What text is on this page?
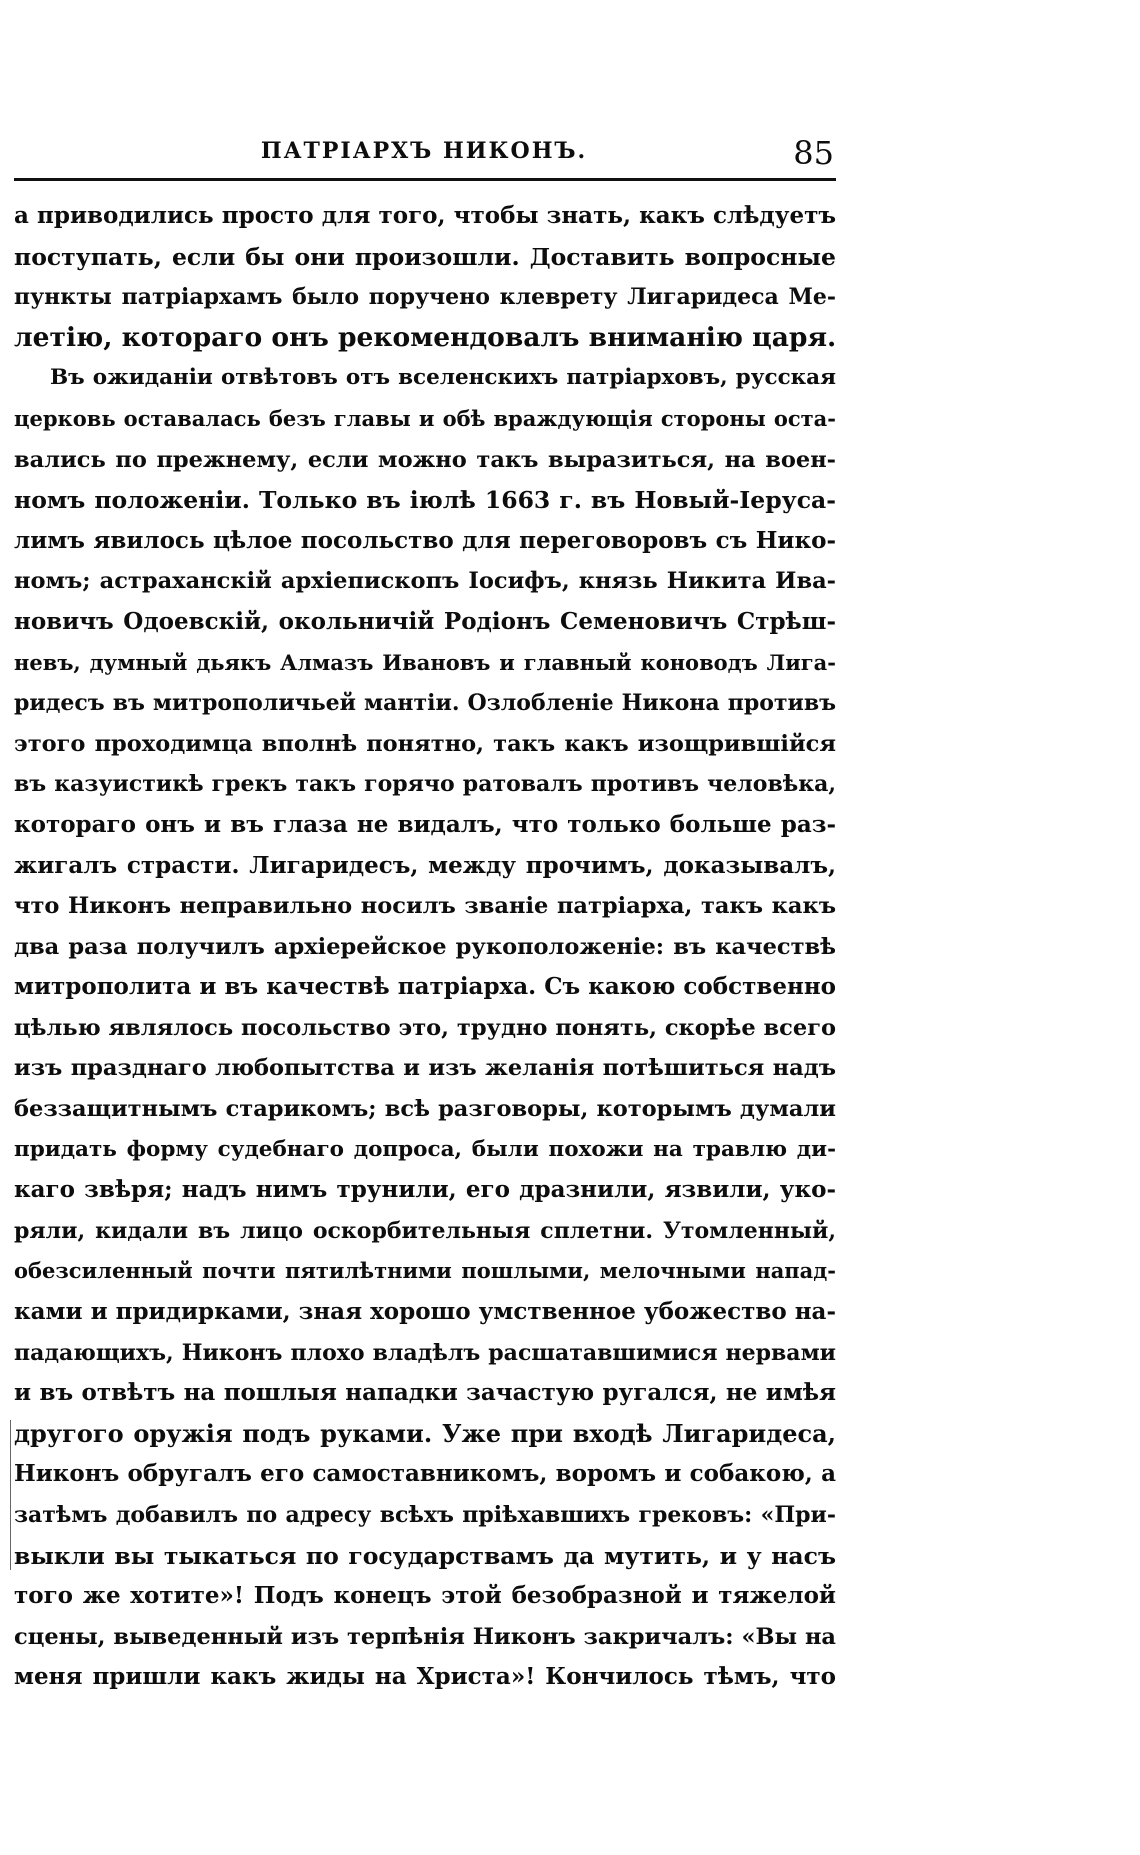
ПАТРІАРХЪ НИКОНЪ.	85
а приводились просто для того, чтобы знать, какъ слѣдуетъ
поступать, если бы они произошли. Доставить вопросные
пункты патріархамъ было поручено клеврету Лигаридеса Ме-
летію, котораго онъ рекомендовалъ вниманію царя.
Въ ожиданіи отвѣтовъ отъ вселенскихъ патріарховъ, русская
церковь оставалась безъ главы и обѣ враждующія стороны оста-
вались по прежнему, если можно такъ выразиться, на воен-
номъ положеніи. Только въ іюлѣ 1663 г. въ Новый-Іеруса-
лимъ явилось цѣлое посольство для переговоровъ съ Нико-
номъ; астраханскій архіепископъ Іосифъ, князь Никита Ива-
новичъ Одоевскій, окольничій Родіонъ Семеновичъ Стрѣш-
невъ, думный дьякъ Алмазъ Ивановъ и главный коноводъ Лига-
ридесъ въ митрополичьей мантіи. Озлобленіе Никона противъ
этого проходимца вполнѣ понятно, такъ какъ изощрившійся
въ казуистикѣ грекъ такъ горячо ратовалъ противъ человѣка,
котораго онъ и въ глаза не видалъ, что только больше раз-
жигалъ страсти. Лигаридесъ, между прочимъ, доказывалъ,
что Никонъ неправильно носилъ званіе патріарха, такъ какъ
два раза получилъ архіерейское рукоположеніе: въ качествѣ
митрополита и въ качествѣ патріарха. Съ какою собственно
цѣлью являлось посольство это, трудно понять, скорѣе всего
изъ празднаго любопытства и изъ желанія потѣшиться надъ
беззащитнымъ старикомъ; всѣ разговоры, которымъ думали
придать форму судебнаго допроса, были похожи на травлю ди-
каго звѣря; надъ нимъ трунили, его дразнили, язвили, уко-
ряли, кидали въ лицо оскорбительныя сплетни. Утомленный,
обезсиленный почти пятилѣтними пошлыми, мелочными напад-
ками и придирками, зная хорошо умственное убожество на-
падающихъ, Никонъ плохо владѣлъ расшатавшимися нервами
и въ отвѣтъ на пошлыя нападки зачастую ругался, не имѣя
другого оружія подъ руками. Уже при входѣ Лигаридеса,
Никонъ обругалъ его самоставникомъ, воромъ и собакою, а
затѣмъ добавилъ по адресу всѣхъ пріѣхавшихъ грековъ: «При-
выкли вы тыкаться по государствамъ да мутить, и у насъ
того же хотите»! Подъ конецъ этой безобразной и тяжелой
сцены, выведенный изъ терпѣнія Никонъ закричалъ: «Вы на
меня пришли какъ жиды на Христа»! Кончилось тѣмъ, что
